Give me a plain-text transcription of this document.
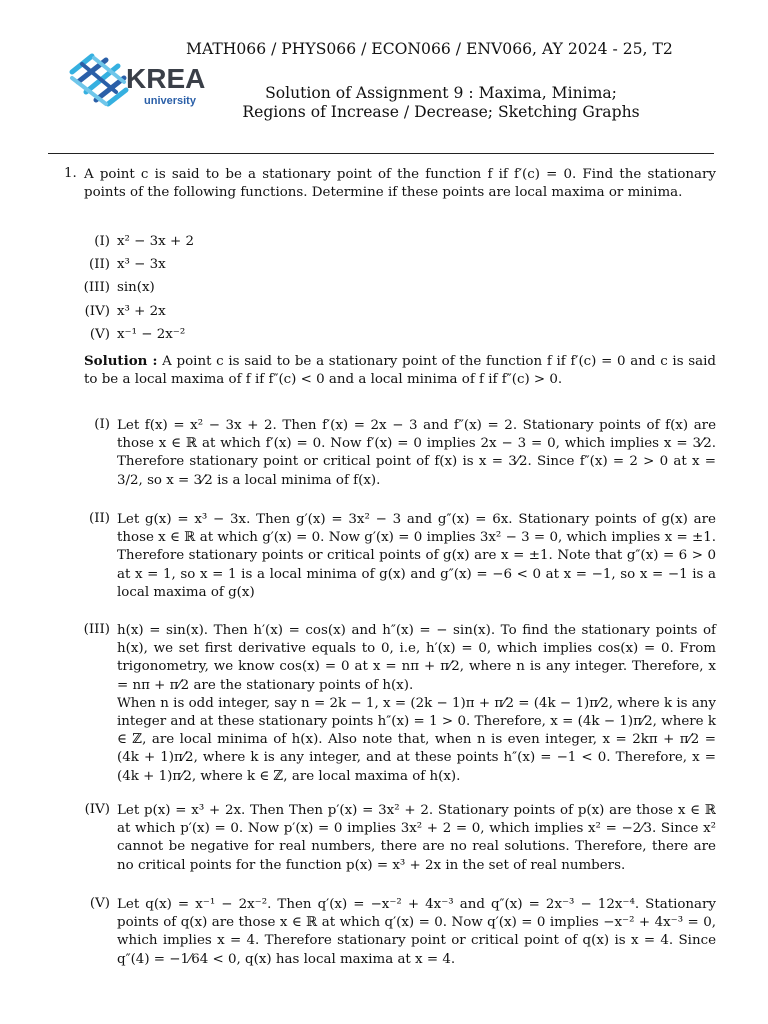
KREA
university
MATH066 / PHYS066 / ECON066 / ENV066, AY 2024 - 25, T2
Solution of Assignment 9 : Maxima, Minima;
Regions of Increase / Decrease; Sketching Graphs
1. A point c is said to be a stationary point of the function f if f′(c) = 0. Find the stationary points of the following functions. Determine if these points are local maxima or minima.
(I) x² − 3x + 2
(II) x³ − 3x
(III) sin(x)
(IV) x³ + 2x
(V) x⁻¹ − 2x⁻²
Solution : A point c is said to be a stationary point of the function f if f′(c) = 0 and c is said to be a local maxima of f if f″(c) < 0 and a local minima of f if f″(c) > 0.
(I) Let f(x) = x² − 3x + 2. Then f′(x) = 2x − 3 and f″(x) = 2. Stationary points of f(x) are those x ∈ ℝ at which f′(x) = 0. Now f′(x) = 0 implies 2x − 3 = 0, which implies x = 3⁄2. Therefore stationary point or critical point of f(x) is x = 3⁄2. Since f″(x) = 2 > 0 at x = 3/2, so x = 3⁄2 is a local minima of f(x).

(II) Let g(x) = x³ − 3x. Then g′(x) = 3x² − 3 and g″(x) = 6x. Stationary points of g(x) are those x ∈ ℝ at which g′(x) = 0. Now g′(x) = 0 implies 3x² − 3 = 0, which implies x = ±1. Therefore stationary points or critical points of g(x) are x = ±1. Note that g″(x) = 6 > 0 at x = 1, so x = 1 is a local minima of g(x) and g″(x) = −6 < 0 at x = −1, so x = −1 is a local maxima of g(x)

(III) h(x) = sin(x). Then h′(x) = cos(x) and h″(x) = − sin(x). To find the stationary points of h(x), we set first derivative equals to 0, i.e, h′(x) = 0, which implies cos(x) = 0. From trigonometry, we know cos(x) = 0 at x = nπ + π⁄2, where n is any integer. Therefore, x = nπ + π⁄2 are the stationary points of h(x).

When n is odd integer, say n = 2k − 1, x = (2k − 1)π + π⁄2 = (4k − 1)π⁄2, where k is any integer and at these stationary points h″(x) = 1 > 0. Therefore, x = (4k − 1)π⁄2, where k ∈ ℤ, are local minima of h(x). Also note that, when n is even integer, x = 2kπ + π⁄2 = (4k + 1)π⁄2, where k is any integer, and at these points h″(x) = −1 < 0. Therefore, x = (4k + 1)π⁄2, where k ∈ ℤ, are local maxima of h(x).

(IV) Let p(x) = x³ + 2x. Then Then p′(x) = 3x² + 2. Stationary points of p(x) are those x ∈ ℝ at which p′(x) = 0. Now p′(x) = 0 implies 3x² + 2 = 0, which implies x² = −2⁄3. Since x² cannot be negative for real numbers, there are no real solutions. Therefore, there are no critical points for the function p(x) = x³ + 2x in the set of real numbers.

(V) Let q(x) = x⁻¹ − 2x⁻². Then q′(x) = −x⁻² + 4x⁻³ and q″(x) = 2x⁻³ − 12x⁻⁴. Stationary points of q(x) are those x ∈ ℝ at which q′(x) = 0. Now q′(x) = 0 implies −x⁻² + 4x⁻³ = 0, which implies x = 4. Therefore stationary point or critical point of q(x) is x = 4. Since q″(4) = −1⁄64 < 0, q(x) has local maxima at x = 4.
